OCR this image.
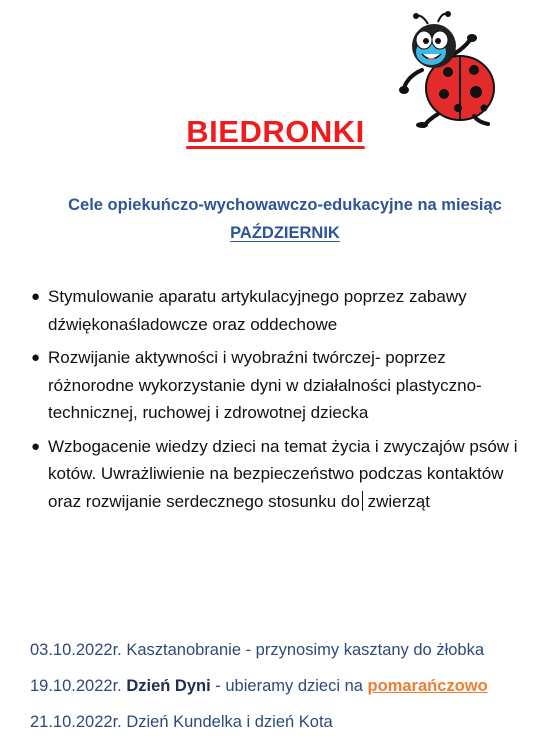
BIEDRONKI
Cele opiekuńczo-wychowawczo-edukacyjne na miesiąc
PAŹDZIERNIK
● Stymulowanie aparatu artykulacyjnego poprzez zabawy dźwiękonaśladowcze oraz oddechowe
● Rozwijanie aktywności i wyobraźni twórczej- poprzez różnorodne wykorzystanie dyni w działalności plastyczno-technicznej, ruchowej i zdrowotnej dziecka
● Wzbogacenie wiedzy dzieci na temat życia i zwyczajów psów i kotów. Uwrażliwienie na bezpieczeństwo podczas kontaktów oraz rozwijanie serdecznego stosunku do zwierząt
03.10.2022r. Kasztanobranie - przynosimy kasztany do żłobka
19.10.2022r. Dzień Dyni - ubieramy dzieci na pomarańczowo
21.10.2022r. Dzień Kundelka i dzień Kota
